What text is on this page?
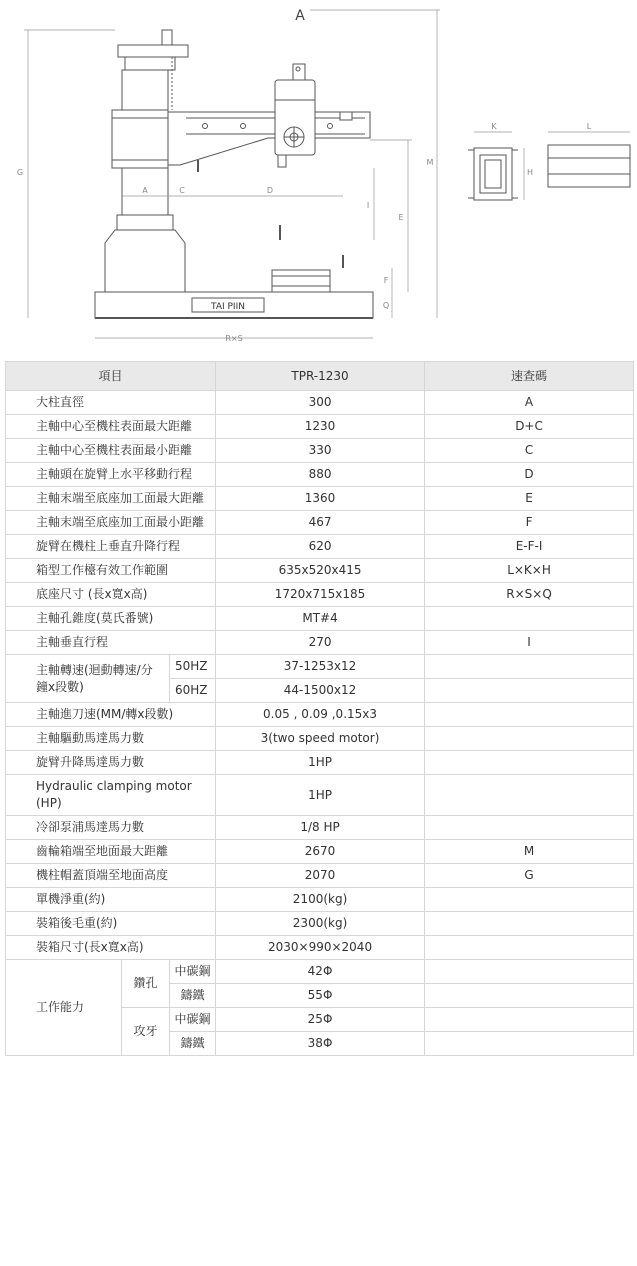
A
TAI PIIN
G
A	C	D
M
E
I
F
Q
R×S
K
H
L
項目			TPR-1230	速查碼
大柱直徑			300	A
主軸中心至機柱表面最大距離			1230	D+C
主軸中心至機柱表面最小距離			330	C
主軸頭在旋臂上水平移動行程			880	D
主軸末端至底座加工面最大距離			1360	E
主軸末端至底座加工面最小距離			467	F
旋臂在機柱上垂直升降行程			620	E-F-I
箱型工作檯有效工作範圍			635x520x415	L×K×H
底座尺寸 (長x寬x高)			1720x715x185	R×S×Q
主軸孔錐度(莫氏番號)			MT#4	
主軸垂直行程			270	I
主軸轉速(迴動轉速/分鐘x段數)		50HZ	37-1253x12	
		60HZ	44-1500x12	
主軸進刀速(MM/轉x段數)			0.05 , 0.09 ,0.15x3	
主軸驅動馬達馬力數			3(two speed motor)	
旋臂升降馬達馬力數			1HP	
Hydraulic clamping motor (HP)			1HP	
冷卻泵浦馬達馬力數			1/8 HP	
齒輪箱端至地面最大距離			2670	M
機柱帽蓋頂端至地面高度			2070	G
單機淨重(約)			2100(kg)	
裝箱後毛重(約)			2300(kg)	
裝箱尺寸(長x寬x高)			2030×990×2040	
工作能力	鑽孔	中碳鋼	42Φ	
		鑄鐵	55Φ	
	攻牙	中碳鋼	25Φ	
		鑄鐵	38Φ	
